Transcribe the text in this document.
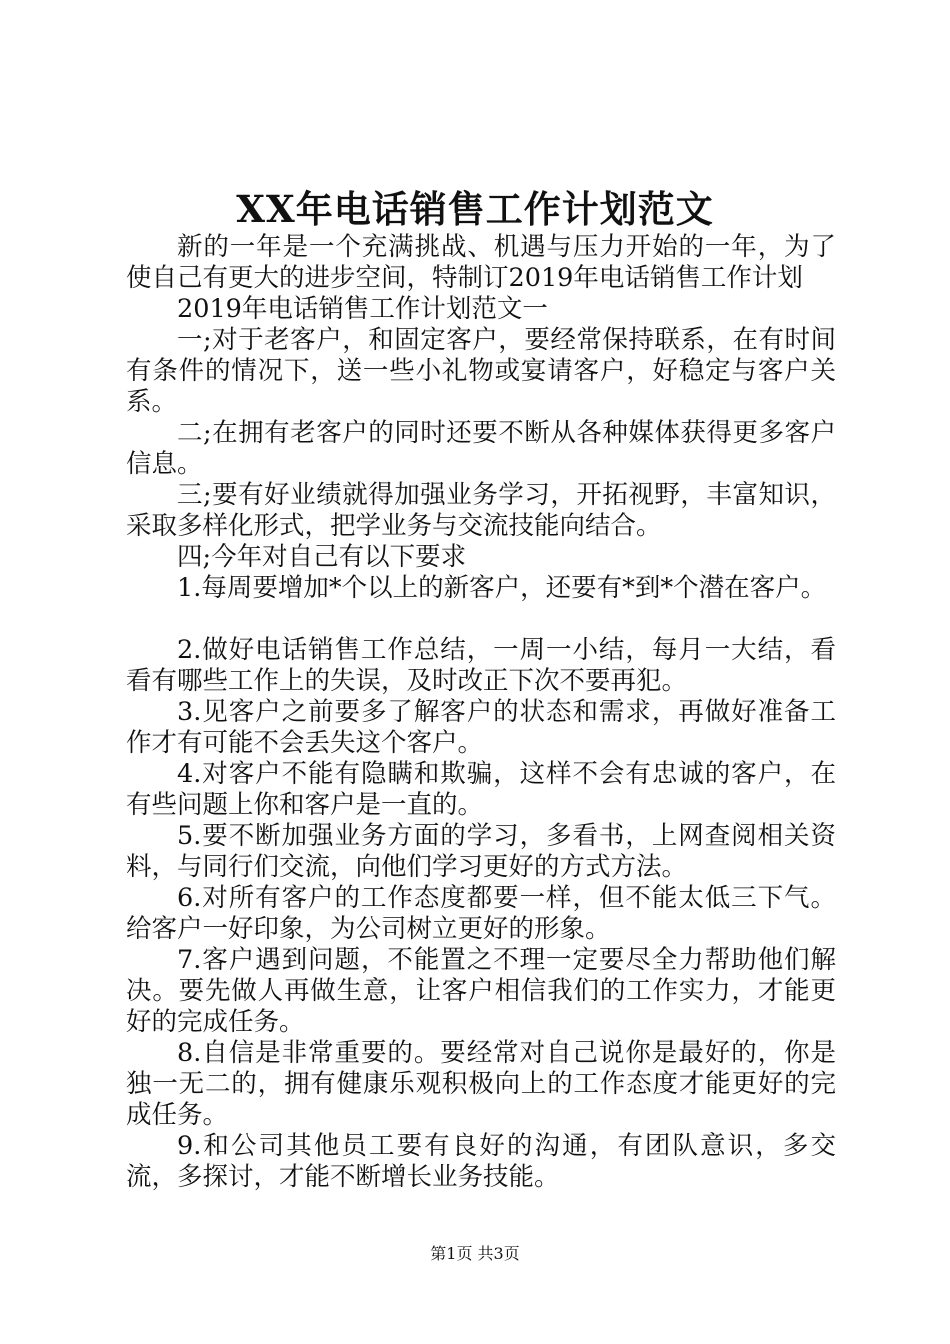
XX年电话销售工作计划范文

新的一年是一个充满挑战、机遇与压力开始的一年，为了使自己有更大的进步空间，特制订2019年电话销售工作计划

2019年电话销售工作计划范文一

一;对于老客户，和固定客户，要经常保持联系，在有时间有条件的情况下，送一些小礼物或宴请客户，好稳定与客户关系。

二;在拥有老客户的同时还要不断从各种媒体获得更多客户信息。

三;要有好业绩就得加强业务学习，开拓视野，丰富知识，采取多样化形式，把学业务与交流技能向结合。

四;今年对自己有以下要求

1.每周要增加*个以上的新客户，还要有*到*个潜在客户。

2.做好电话销售工作总结，一周一小结，每月一大结，看看有哪些工作上的失误，及时改正下次不要再犯。

3.见客户之前要多了解客户的状态和需求，再做好准备工作才有可能不会丢失这个客户。

4.对客户不能有隐瞒和欺骗，这样不会有忠诚的客户，在有些问题上你和客户是一直的。

5.要不断加强业务方面的学习，多看书，上网查阅相关资料，与同行们交流，向他们学习更好的方式方法。

6.对所有客户的工作态度都要一样，但不能太低三下气。给客户一好印象，为公司树立更好的形象。

7.客户遇到问题，不能置之不理一定要尽全力帮助他们解决。要先做人再做生意，让客户相信我们的工作实力，才能更好的完成任务。

8.自信是非常重要的。要经常对自己说你是最好的，你是独一无二的，拥有健康乐观积极向上的工作态度才能更好的完成任务。

9.和公司其他员工要有良好的沟通，有团队意识，多交流，多探讨，才能不断增长业务技能。

第1页 共3页
